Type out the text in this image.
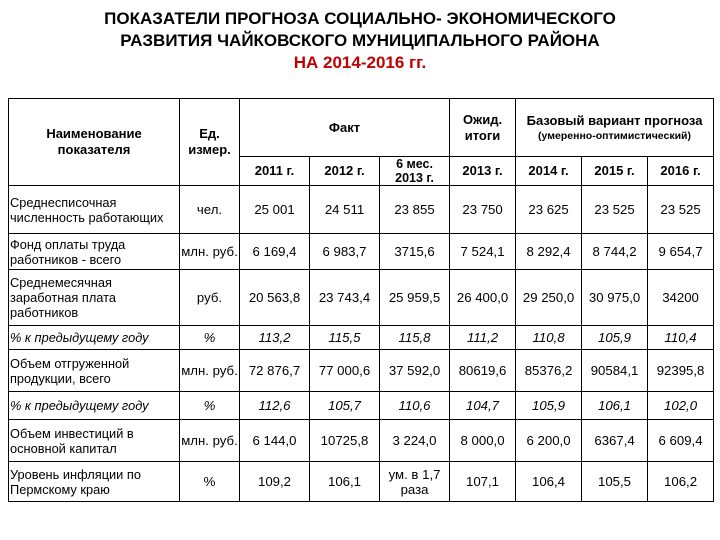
ПОКАЗАТЕЛИ ПРОГНОЗА СОЦИАЛЬНО- ЭКОНОМИЧЕСКОГО
РАЗВИТИЯ ЧАЙКОВСКОГО МУНИЦИПАЛЬНОГО РАЙОНА
НА 2014-2016 гг.
Наименование показателя	Ед. измер.	Факт			Ожид. итоги	Базовый вариант прогноза
(умеренно-оптимистический)		

		2011 г.	2012 г.	6 мес. 2013 г.	2013 г.	2014 г.	2015 г.	2016 г.
Среднесписочная численность работающих	чел.	25 001	24 511	23 855	23 750	23 625	23 525	23 525
Фонд оплаты труда работников - всего	млн. руб.	6 169,4	6 983,7	3715,6	7 524,1	8 292,4	8 744,2	9 654,7
Среднемесячная заработная плата работников	руб.	20 563,8	23 743,4	25 959,5	26 400,0	29 250,0	30 975,0	34200
% к предыдущему году	%	113,2	115,5	115,8	111,2	110,8	105,9	110,4
Объем отгруженной продукции, всего	млн. руб.	72 876,7	77 000,6	37 592,0	80619,6	85376,2	90584,1	92395,8
% к предыдущему году	%	112,6	105,7	110,6	104,7	105,9	106,1	102,0
Объем инвестиций в основной капитал	млн. руб.	6 144,0	10725,8	3 224,0	8 000,0	6 200,0	6367,4	6 609,4
Уровень инфляции по Пермскому краю	%	109,2	106,1	ум. в 1,7 раза	107,1	106,4	105,5	106,2
